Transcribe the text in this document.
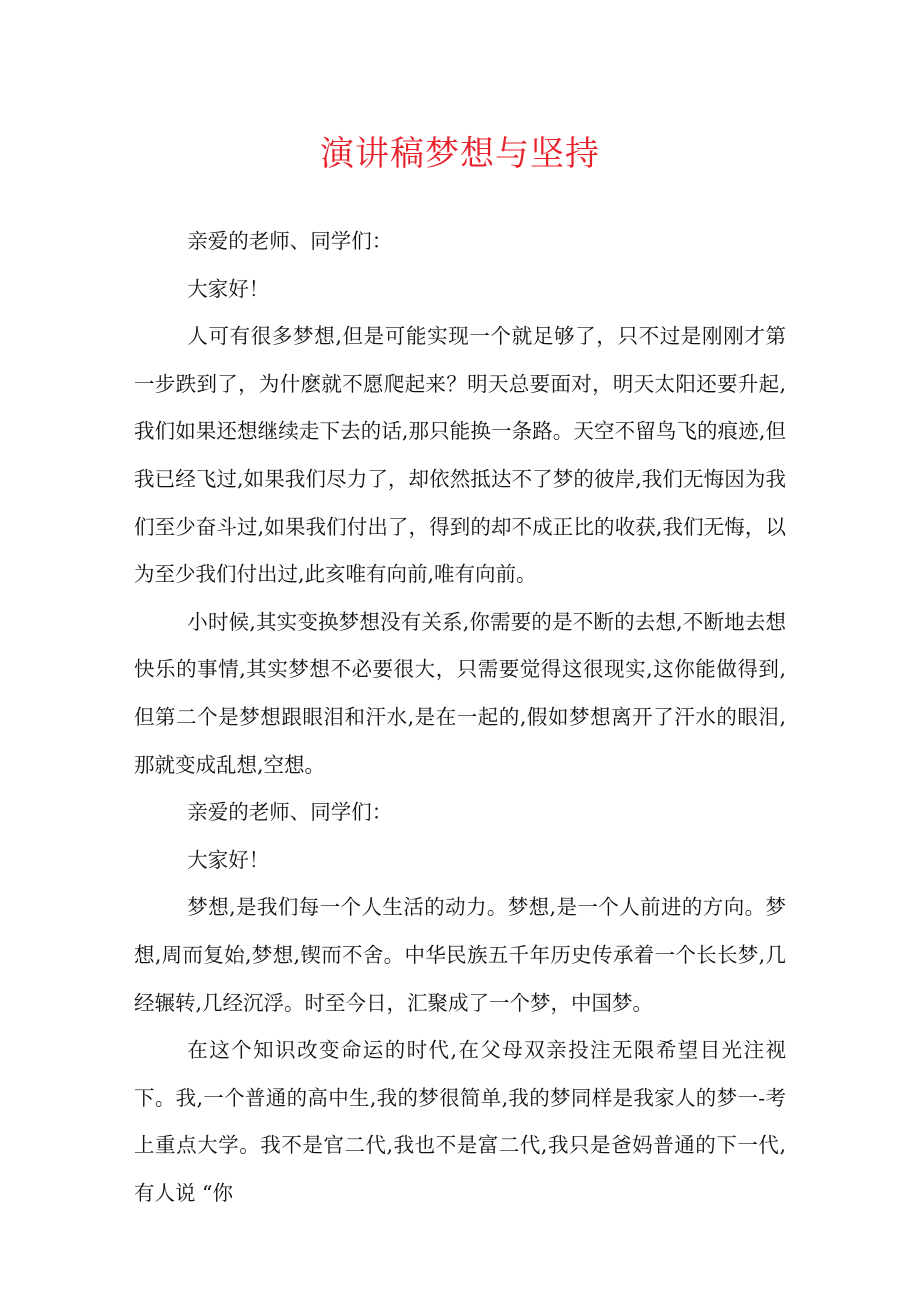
演讲稿梦想与坚持

亲爱的老师、同学们：

大家好！

人可有很多梦想,但是可能实现一个就足够了，只不过是刚刚才第一步跌到了，为什麽就不愿爬起来？明天总要面对，明天太阳还要升起,我们如果还想继续走下去的话,那只能换一条路。天空不留鸟飞的痕迹,但我已经飞过,如果我们尽力了，却依然抵达不了梦的彼岸,我们无悔因为我们至少奋斗过,如果我们付出了，得到的却不成正比的收获,我们无悔，以为至少我们付出过,此亥唯有向前,唯有向前。

小时候,其实变换梦想没有关系,你需要的是不断的去想,不断地去想快乐的事情,其实梦想不必要很大，只需要觉得这很现实,这你能做得到,但第二个是梦想跟眼泪和汗水,是在一起的,假如梦想离开了汗水的眼泪,那就变成乱想,空想。

亲爱的老师、同学们：

大家好！

梦想,是我们每一个人生活的动力。梦想,是一个人前进的方向。梦想,周而复始,梦想,锲而不舍。中华民族五千年历史传承着一个长长梦,几经辗转,几经沉浮。时至今日，汇聚成了一个梦，中国梦。

在这个知识改变命运的时代,在父母双亲投注无限希望目光注视下。我,一个普通的高中生,我的梦很简单,我的梦同样是我家人的梦一-考上重点大学。我不是官二代,我也不是富二代,我只是爸妈普通的下一代,有人说 “你
